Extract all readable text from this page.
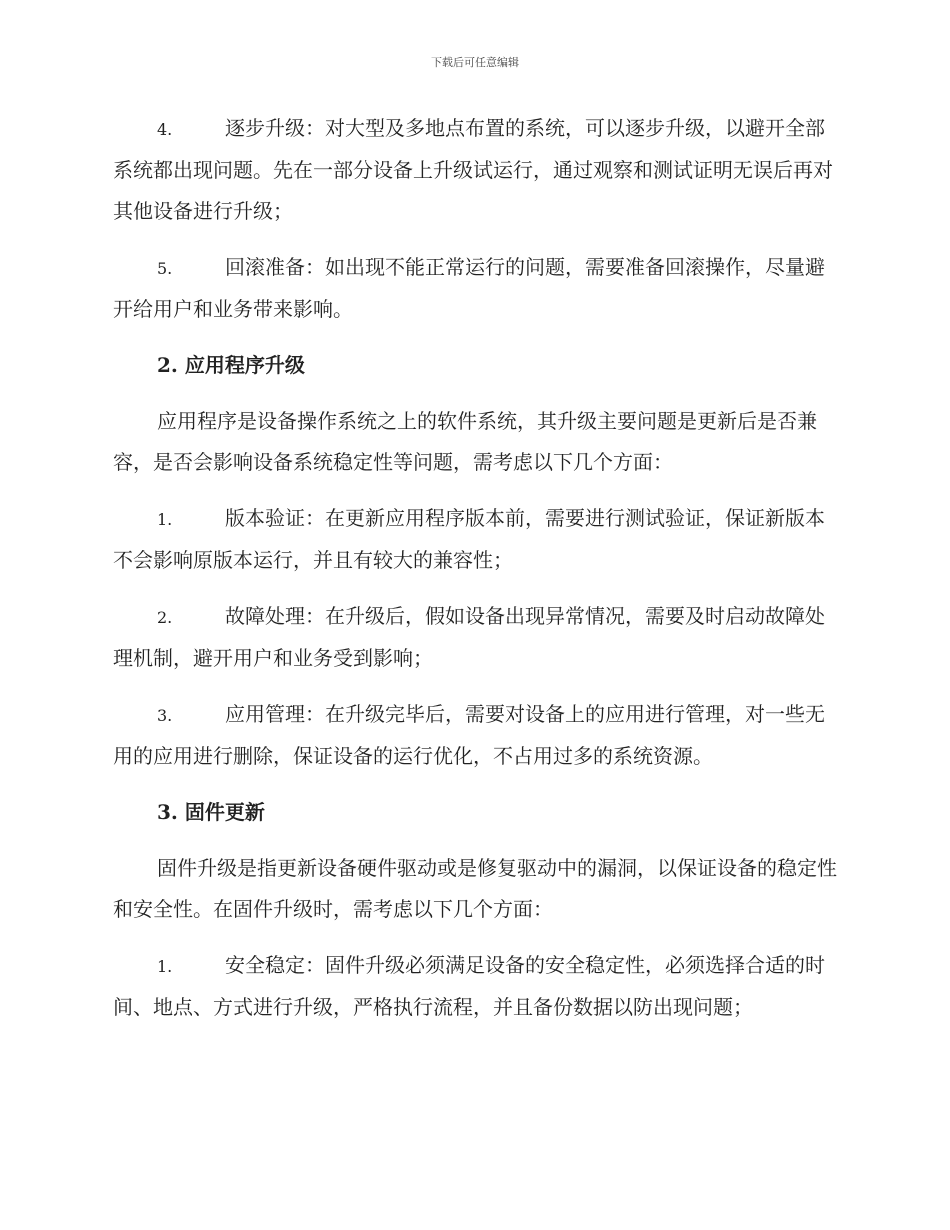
下载后可任意编辑
4.	逐步升级：对大型及多地点布置的系统，可以逐步升级，以避开全部系统都出现问题。先在一部分设备上升级试运行，通过观察和测试证明无误后再对其他设备进行升级；
5.	回滚准备：如出现不能正常运行的问题，需要准备回滚操作，尽量避开给用户和业务带来影响。
2. 应用程序升级
应用程序是设备操作系统之上的软件系统，其升级主要问题是更新后是否兼容，是否会影响设备系统稳定性等问题，需考虑以下几个方面：
1.	版本验证：在更新应用程序版本前，需要进行测试验证，保证新版本不会影响原版本运行，并且有较大的兼容性；
2.	故障处理：在升级后，假如设备出现异常情况，需要及时启动故障处理机制，避开用户和业务受到影响；
3.	应用管理：在升级完毕后，需要对设备上的应用进行管理，对一些无用的应用进行删除，保证设备的运行优化，不占用过多的系统资源。
3. 固件更新
固件升级是指更新设备硬件驱动或是修复驱动中的漏洞，以保证设备的稳定性和安全性。在固件升级时，需考虑以下几个方面：
1.	安全稳定：固件升级必须满足设备的安全稳定性，必须选择合适的时间、地点、方式进行升级，严格执行流程，并且备份数据以防出现问题；
